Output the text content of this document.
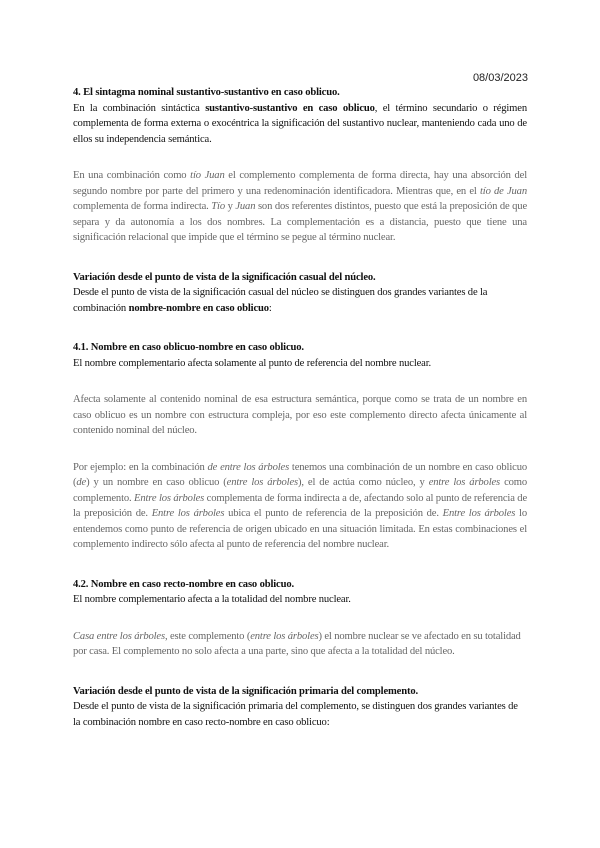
08/03/2023

4. El sintagma nominal sustantivo-sustantivo en caso oblicuo.

En la combinación sintáctica sustantivo-sustantivo en caso oblicuo, el término secundario o régimen complementa de forma externa o exocéntrica la significación del sustantivo nuclear, manteniendo cada uno de ellos su independencia semántica.

En una combinación como tío Juan el complemento complementa de forma directa, hay una absorción del segundo nombre por parte del primero y una redenominación identificadora. Mientras que, en el tío de Juan complementa de forma indirecta. Tío y Juan son dos referentes distintos, puesto que está la preposición de que separa y da autonomía a los dos nombres. La complementación es a distancia, puesto que tiene una significación relacional que impide que el término se pegue al término nuclear.

Variación desde el punto de vista de la significación casual del núcleo.

Desde el punto de vista de la significación casual del núcleo se distinguen dos grandes variantes de la combinación nombre-nombre en caso oblicuo:

4.1. Nombre en caso oblicuo-nombre en caso oblicuo.

El nombre complementario afecta solamente al punto de referencia del nombre nuclear.

Afecta solamente al contenido nominal de esa estructura semántica, porque como se trata de un nombre en caso oblicuo es un nombre con estructura compleja, por eso este complemento directo afecta únicamente al contenido nominal del núcleo.

Por ejemplo: en la combinación de entre los árboles tenemos una combinación de un nombre en caso oblicuo (de) y un nombre en caso oblicuo (entre los árboles), el de actúa como núcleo, y entre los árboles como complemento. Entre los árboles complementa de forma indirecta a de, afectando solo al punto de referencia de la preposición de. Entre los árboles ubica el punto de referencia de la preposición de. Entre los árboles lo entendemos como punto de referencia de origen ubicado en una situación limitada. En estas combinaciones el complemento indirecto sólo afecta al punto de referencia del nombre nuclear.

4.2. Nombre en caso recto-nombre en caso oblicuo.

El nombre complementario afecta a la totalidad del nombre nuclear.

Casa entre los árboles, este complemento (entre los árboles) el nombre nuclear se ve afectado en su totalidad por casa. El complemento no solo afecta a una parte, sino que afecta a la totalidad del núcleo.

Variación desde el punto de vista de la significación primaria del complemento.

Desde el punto de vista de la significación primaria del complemento, se distinguen dos grandes variantes de la combinación nombre en caso recto-nombre en caso oblicuo:
